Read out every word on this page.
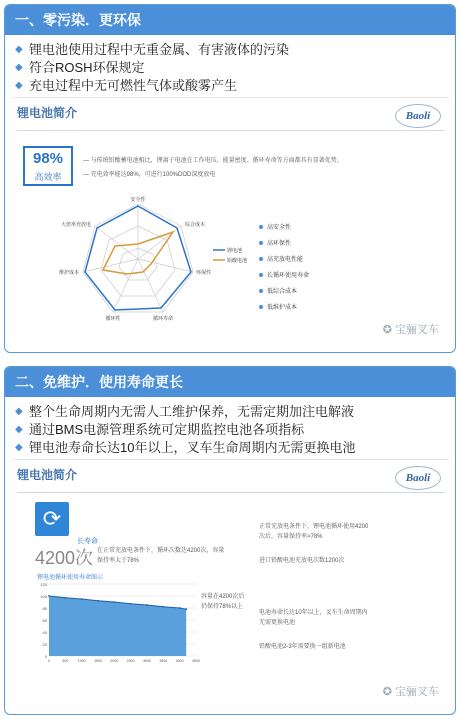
一、零污染．更环保
◆ 锂电池使用过程中无重金属、有害液体的污染
◆ 符合ROSH环保规定
◆ 充电过程中无可燃性气体或酸雾产生
锂电池简介	Baoli
98%
高效率
— 与传统铅酸蓄电池相比，锂离子电池在工作电压、能量密度、循环寿命等方面都具有显著优势。
— 充电效率能达98%，可进行100%DOD深度放电
安全性
综合成本
环保性
循环寿命
循环性
维护成本
大倍率充放电
锂电池
铅酸电池
高安全性
高环保性
高充放电性能
长循环使用寿命
低综合成本
低维护成本
✪ 宝骊叉车
二、免维护．使用寿命更长
◆ 整个生命周期内无需人工维护保养，无需定期加注电解液
◆ 通过BMS电源管理系统可定期监控电池各项指标
◆ 锂电池寿命长达10年以上，叉车生命周期内无需更换电池
锂电池简介	Baoli
⟳
长寿命
4200次 在正常充放电条件下，循环次数达4200次，容量保持率大于78%
锂电池循环使用寿命图示
0
20
40
60
80
100
120
0	500	1000 1500 2000 2500 3000 3500 4000 4500
容量在4200次后仍保持78%以上
正常充放电条件下，锂电池循环使用4200次后，容量保持率>78%
进口铅酸电池充放电次数1200次
电池寿命长达10年以上，叉车生命周期内无需更换电池
铅酸电池2-3年需要换一组新电池
✪ 宝骊叉车
